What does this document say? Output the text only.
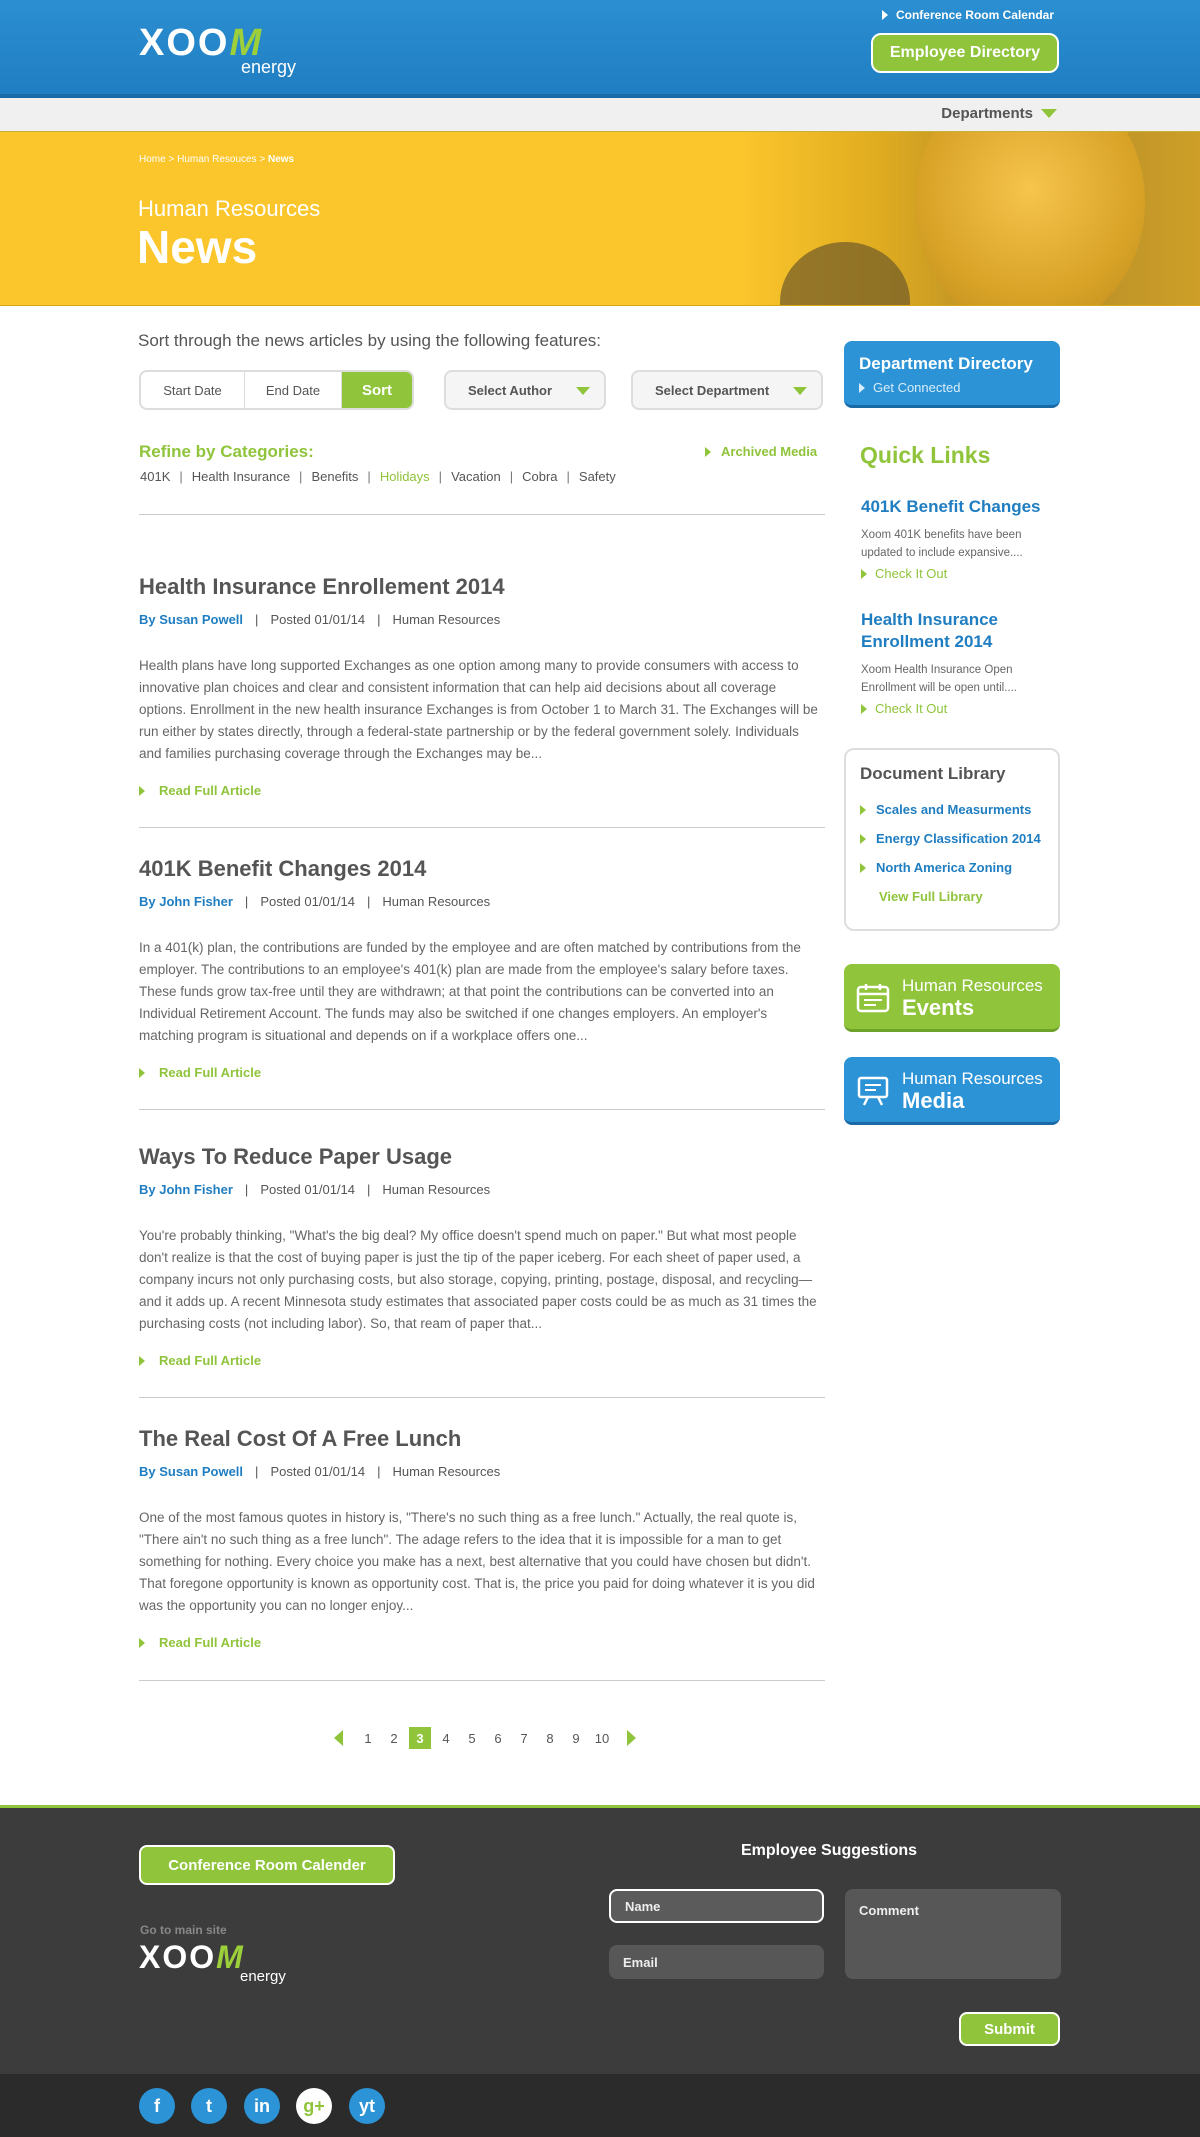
XOO M
energy
Conference Room Calendar
Employee Directory
Departments
Home > Human Resouces > News
Human Resources
News
Sort through the news articles by using the following features:
Start Date	End Date	Sort	Select Author	Select Department
Refine by Categories:	Archived Media
401K | Health Insurance | Benefits | Holidays | Vacation | Cobra | Safety
Health Insurance Enrollement 2014
By Susan Powell | Posted 01/01/14 | Human Resources
Health plans have long supported Exchanges as one option among many to provide consumers with access to innovative plan choices and clear and consistent information that can help aid decisions about all coverage options. Enrollment in the new health insurance Exchanges is from October 1 to March 31. The Exchanges will be run either by states directly, through a federal-state partnership or by the federal government solely. Individuals and families purchasing coverage through the Exchanges may be...
Read Full Article
401K Benefit Changes 2014
By John Fisher | Posted 01/01/14 | Human Resources
In a 401(k) plan, the contributions are funded by the employee and are often matched by contributions from the employer. The contributions to an employee's 401(k) plan are made from the employee's salary before taxes. These funds grow tax-free until they are withdrawn; at that point the contributions can be converted into an Individual Retirement Account. The funds may also be switched if one changes employers. An employer's matching program is situational and depends on if a workplace offers one...
Read Full Article
Ways To Reduce Paper Usage
By John Fisher | Posted 01/01/14 | Human Resources
You're probably thinking, "What's the big deal? My office doesn't spend much on paper." But what most people don't realize is that the cost of buying paper is just the tip of the paper iceberg. For each sheet of paper used, a company incurs not only purchasing costs, but also storage, copying, printing, postage, disposal, and recycling—and it adds up. A recent Minnesota study estimates that associated paper costs could be as much as 31 times the purchasing costs (not including labor). So, that ream of paper that...
Read Full Article
The Real Cost Of A Free Lunch
By Susan Powell | Posted 01/01/14 | Human Resources
One of the most famous quotes in history is, "There's no such thing as a free lunch." Actually, the real quote is, "There ain't no such thing as a free lunch". The adage refers to the idea that it is impossible for a man to get something for nothing. Every choice you make has a next, best alternative that you could have chosen but didn't. That foregone opportunity is known as opportunity cost. That is, the price you paid for doing whatever it is you did was the opportunity you can no longer enjoy...
Read Full Article
1	2	3	4	5	6	7	8	9	10
Department Directory
Get Connected
Quick Links
401K Benefit Changes
Xoom 401K benefits have been updated to include expansive....
Check It Out
Health Insurance Enrollment 2014
Xoom Health Insurance Open Enrollment will be open until....
Check It Out
Document Library
Scales and Measurments
Energy Classification 2014
North America Zoning
View Full Library
Human Resources
Events
Human Resources
Media
Conference Room Calender
Go to main site
XOOM
energy
Employee Suggestions
Name
Email
Comment
Submit
f	t	in	g+	yt
